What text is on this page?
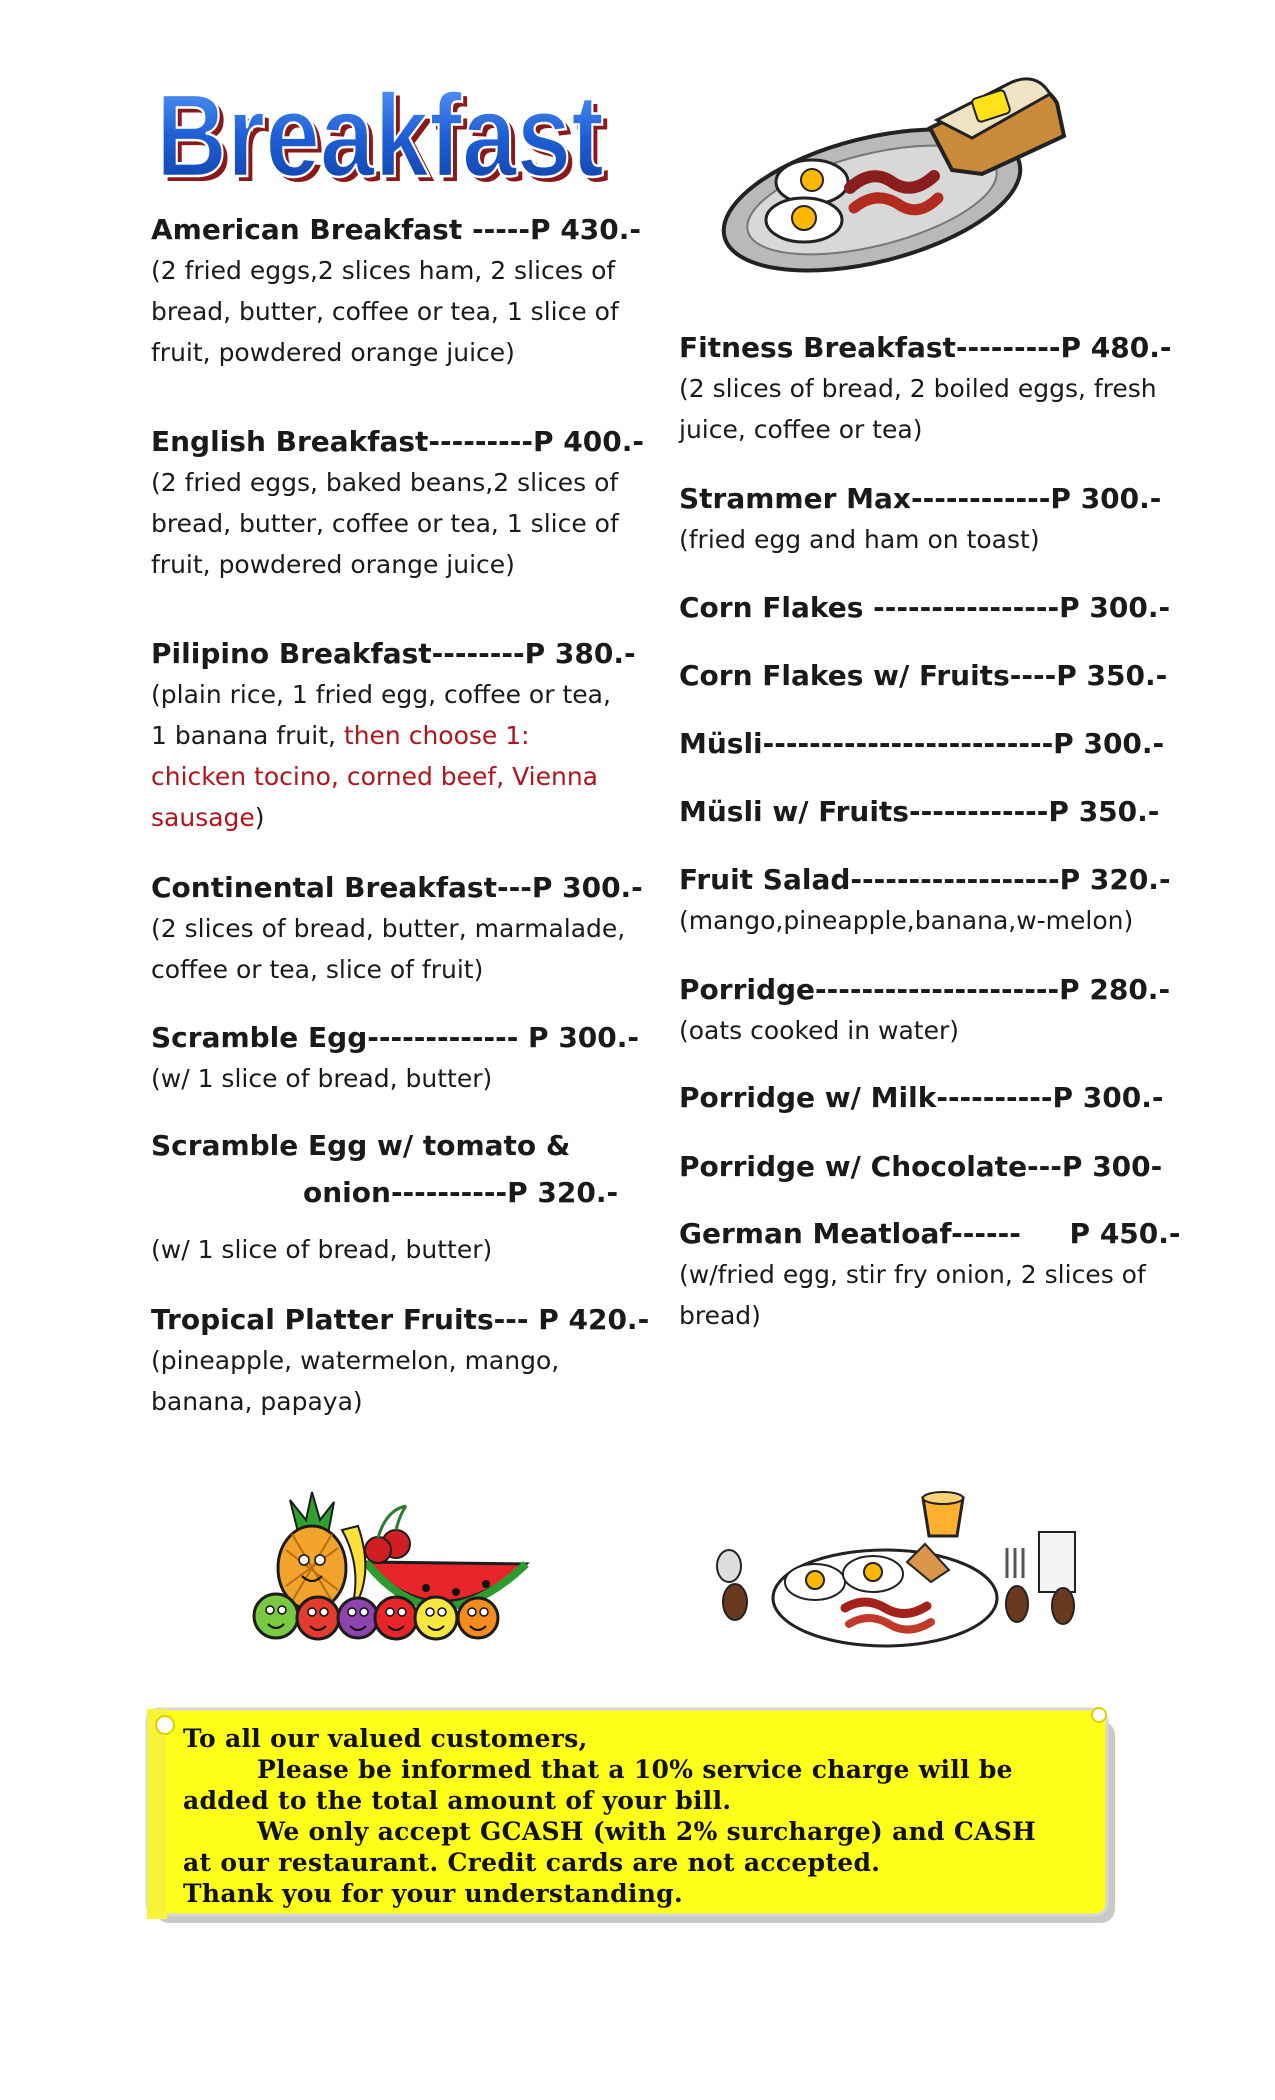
Breakfast
Breakfast
American Breakfast -----P 430.-

(2 fried eggs,2 slices ham, 2 slices of bread, butter, coffee or tea, 1 slice of fruit, powdered orange juice)

English Breakfast---------P 400.-

(2 fried eggs, baked beans,2 slices of bread, butter, coffee or tea, 1 slice of fruit, powdered orange juice)

Pilipino Breakfast--------P 380.-

(plain rice, 1 fried egg, coffee or tea, 1 banana fruit, then choose 1: chicken tocino, corned beef, Vienna sausage)

Continental Breakfast---P 300.-

(2 slices of bread, butter, marmalade, coffee or tea, slice of fruit)

Scramble Egg------------- P 300.-

(w/ 1 slice of bread, butter)

Scramble Egg w/ tomato &
onion----------P 320.-

(w/ 1 slice of bread, butter)

Tropical Platter Fruits--- P 420.-

(pineapple, watermelon, mango, banana, papaya)

Fitness Breakfast---------P 480.-

(2 slices of bread, 2 boiled eggs, fresh juice, coffee or tea)

Strammer Max------------P 300.-

(fried egg and ham on toast)

Corn Flakes ----------------P 300.-
Corn Flakes w/ Fruits----P 350.-
Müsli-------------------------P 300.-
Müsli w/ Fruits------------P 350.-
Fruit Salad------------------P 320.-

(mango,pineapple,banana,w-melon)

Porridge---------------------P 280.-

(oats cooked in water)

Porridge w/ Milk----------P 300.-
Porridge w/ Chocolate---P 300-
German Meatloaf------     P 450.-

(w/fried egg, stir fry onion, 2 slices of bread)

To all our valued customers,
Please be informed that a 10% service charge will be
added to the total amount of your bill.
We only accept GCASH (with 2% surcharge) and CASH
at our restaurant. Credit cards are not accepted.
Thank you for your understanding.
